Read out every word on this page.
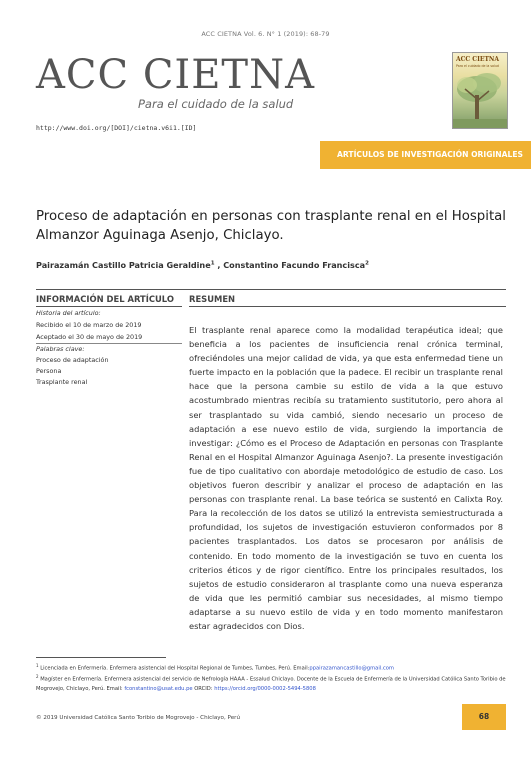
ACC CIETNA Vol. 6. N° 1 (2019): 68-79
ACC CIETNA
Para el cuidado de la salud
http://www.doi.org/[DOI]/cietna.v6i1.[ID]
ACC CIETNA
Para el cuidado de la salud
ARTÍCULOS DE INVESTIGACIÓN ORIGINALES
Proceso de adaptación en personas con trasplante renal en el Hospital Almanzor Aguinaga Asenjo, Chiclayo.
Pairazamán Castillo Patricia Geraldine$^1$ , Constantino Facundo Francisca$^2$
INFORMACIÓN DEL ARTÍCULO RESUMEN
Historia del artículo:
Recibido el 10 de marzo de 2019
Aceptado el 30 de mayo de 2019
Palabras clave:
Proceso de adaptación
Persona
Trasplante renal
El trasplante renal aparece como la modalidad terapéutica ideal; que beneficia a los pacientes de insuficiencia renal crónica terminal, ofreciéndoles una mejor calidad de vida, ya que esta enfermedad tiene un fuerte impacto en la población que la padece. El recibir un trasplante renal hace que la persona cambie su estilo de vida a la que estuvo acostumbrado mientras recibía su tratamiento sustitutorio, pero ahora al ser trasplantado su vida cambió, siendo necesario un proceso de adaptación a ese nuevo estilo de vida, surgiendo la importancia de investigar: ¿Cómo es el Proceso de Adaptación en personas con Trasplante Renal en el Hospital Almanzor Aguinaga Asenjo?. La presente investigación fue de tipo cualitativo con abordaje metodológico de estudio de caso. Los objetivos fueron describir y analizar el proceso de adaptación en las personas con trasplante renal. La base teórica se sustentó en Calixta Roy. Para la recolección de los datos se utilizó la entrevista semiestructurada a profundidad, los sujetos de investigación estuvieron conformados por 8 pacientes trasplantados. Los datos se procesaron por análisis de contenido. En todo momento de la investigación se tuvo en cuenta los criterios éticos y de rigor científico. Entre los principales resultados, los sujetos de estudio consideraron al trasplante como una nueva esperanza de vida que les permitió cambiar sus necesidades, al mismo tiempo adaptarse a su nuevo estilo de vida y en todo momento manifestaron estar agradecidos con Dios.
$^1$ Licenciada en Enfermería. Enfermera asistencial del Hospital Regional de Tumbes, Tumbes, Perú. Email:ppairazamancastillo@gmail.com
$^2$ Magíster en Enfermería. Enfermera asistencial del servicio de Nefrología HAAA - Essalud Chiclayo. Docente de la Escuela de Enfermería de la Universidad Católica Santo Toribio de Mogrovejo, Chiclayo, Perú. Email: fconstantino@usat.edu.pe ORCID: https://orcid.org/0000-0002-5494-5808
© 2019 Universidad Católica Santo Toribio de Mogrovejo - Chiclayo, Perú	68
